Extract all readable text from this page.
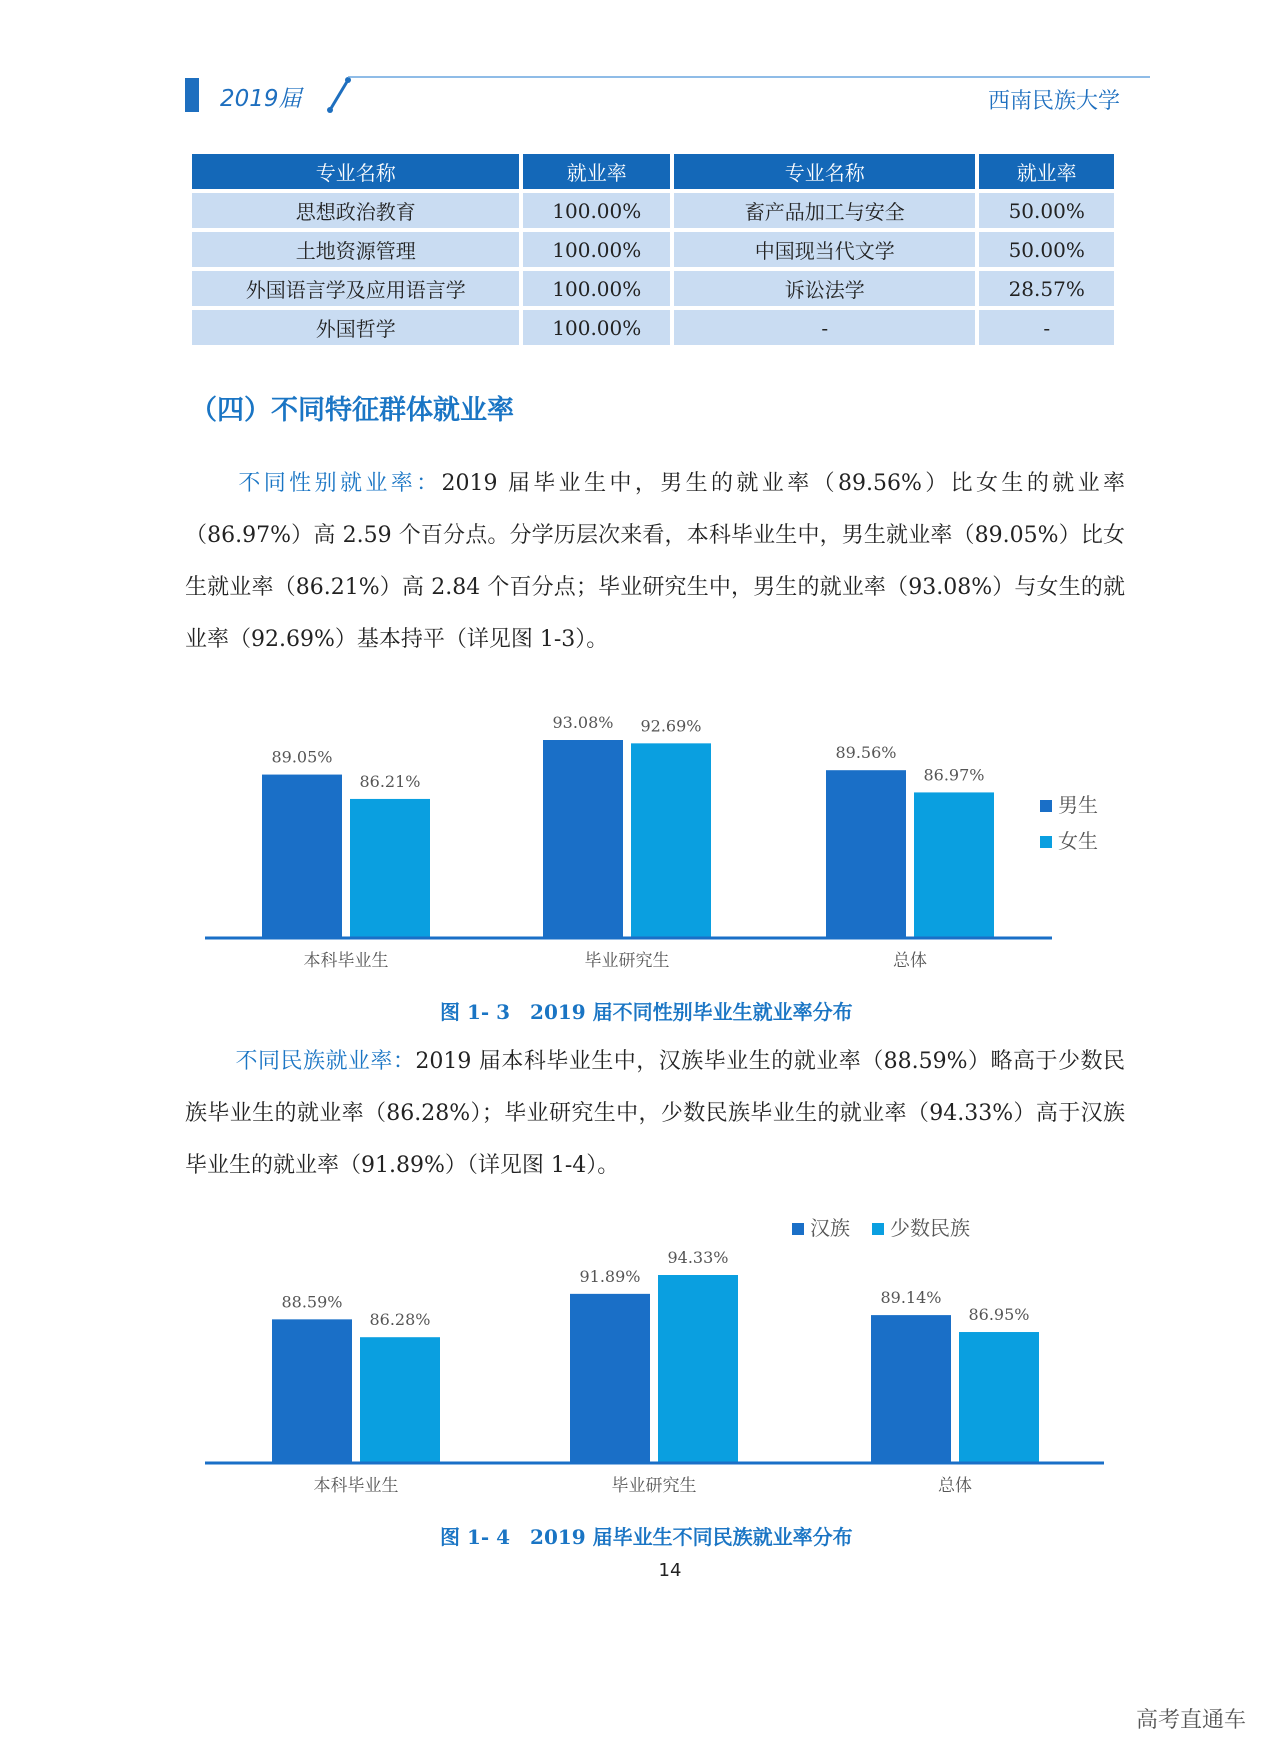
2019届	西南民族大学
专业名称	就业率	专业名称	就业率
思想政治教育	100.00%	畜产品加工与安全	50.00%
土地资源管理	100.00%	中国现当代文学	50.00%
外国语言学及应用语言学	100.00%	诉讼法学	28.57%
外国哲学	100.00%	-	-
（四）不同特征群体就业率
不同性别就业率：2019 届毕业生中，男生的就业率（89.56%）比女生的就业率（86.97%）高 2.59 个百分点。分学历层次来看，本科毕业生中，男生就业率（89.05%）比女生就业率（86.21%）高 2.84 个百分点；毕业研究生中，男生的就业率（93.08%）与女生的就业率（92.69%）基本持平（详见图 1-3）。
89.05%
86.21%
本科毕业生
93.08% 92.69%
毕业研究生
89.56%
86.97%
总体
男生
女生
图 1- 3　2019 届不同性别毕业生就业率分布
不同民族就业率：2019 届本科毕业生中，汉族毕业生的就业率（88.59%）略高于少数民族毕业生的就业率（86.28%）；毕业研究生中，少数民族毕业生的就业率（94.33%）高于汉族毕业生的就业率（91.89%）（详见图 1-4）。
88.59%
86.28%
本科毕业生
91.89%
94.33%
毕业研究生
89.14%
86.95%
总体
汉族 少数民族
图 1- 4　2019 届毕业生不同民族就业率分布
14
高考直通车
